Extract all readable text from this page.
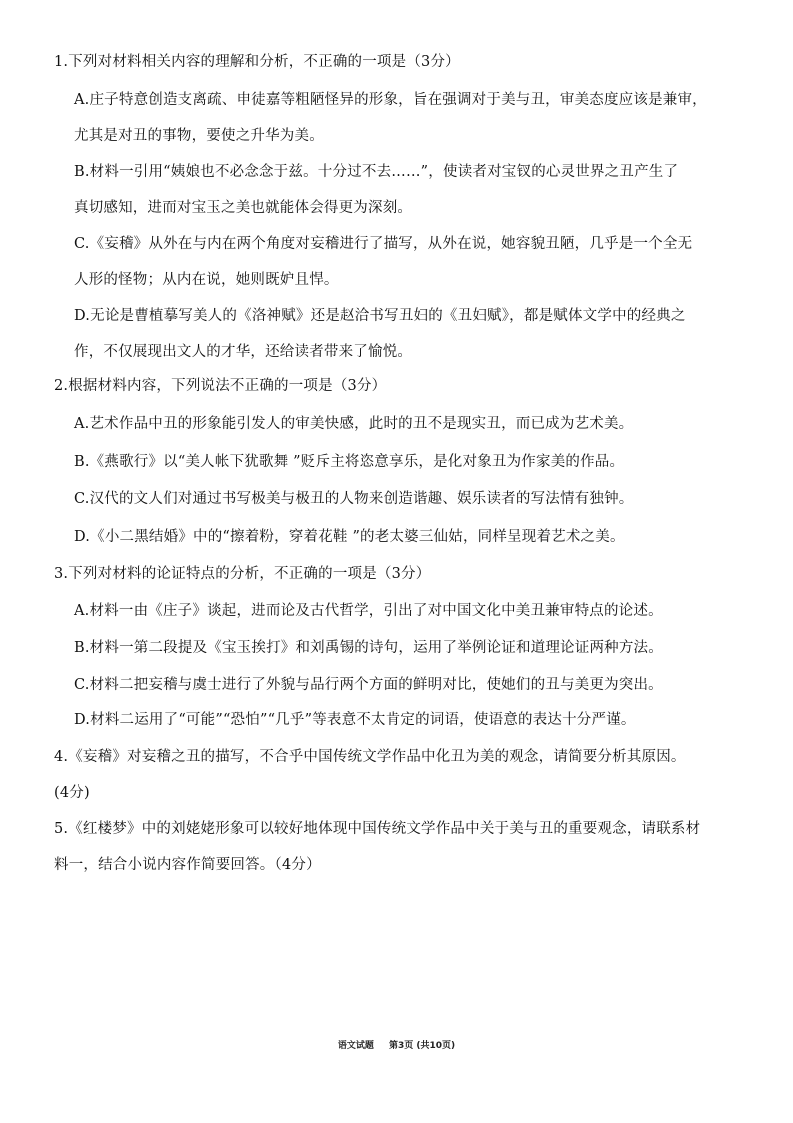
1.下列对材料相关内容的理解和分析，不正确的一项是（3分）
A.庄子特意创造支离疏、申徒嘉等粗陋怪异的形象，旨在强调对于美与丑，审美态度应该是兼审，
尤其是对丑的事物，要使之升华为美。
B.材料一引用“姨娘也不必念念于兹。十分过不去……”，使读者对宝钗的心灵世界之丑产生了
真切感知，进而对宝玉之美也就能体会得更为深刻。
C.《妄稽》从外在与内在两个角度对妄稽进行了描写，从外在说，她容貌丑陋，几乎是一个全无
人形的怪物；从内在说，她则既妒且悍。
D.无论是曹植摹写美人的《洛神赋》还是赵洽书写丑妇的《丑妇赋》，都是赋体文学中的经典之
作，不仅展现出文人的才华，还给读者带来了愉悦。
2.根据材料内容，下列说法不正确的一项是（3分）
A.艺术作品中丑的形象能引发人的审美快感，此时的丑不是现实丑，而已成为艺术美。
B.《燕歌行》以“美人帐下犹歌舞 ”贬斥主将恣意享乐，是化对象丑为作家美的作品。
C.汉代的文人们对通过书写极美与极丑的人物来创造谐趣、娱乐读者的写法情有独钟。
D.《小二黑结婚》中的“擦着粉，穿着花鞋 ”的老太婆三仙姑，同样呈现着艺术之美。
3.下列对材料的论证特点的分析，不正确的一项是（3分）
A.材料一由《庄子》谈起，进而论及古代哲学，引出了对中国文化中美丑兼审特点的论述。
B.材料一第二段提及《宝玉挨打》和刘禹锡的诗句，运用了举例论证和道理论证两种方法。
C.材料二把妄稽与虞士进行了外貌与品行两个方面的鲜明对比，使她们的丑与美更为突出。
D.材料二运用了“可能”“恐怕”“几乎”等表意不太肯定的词语，使语意的表达十分严谨。
4.《妄稽》对妄稽之丑的描写，不合乎中国传统文学作品中化丑为美的观念，请简要分析其原因。
(4分)
5.《红楼梦》中的刘姥姥形象可以较好地体现中国传统文学作品中关于美与丑的重要观念，请联系材
料一，结合小说内容作简要回答。（4分）
语文试题 第3页 (共10页)
